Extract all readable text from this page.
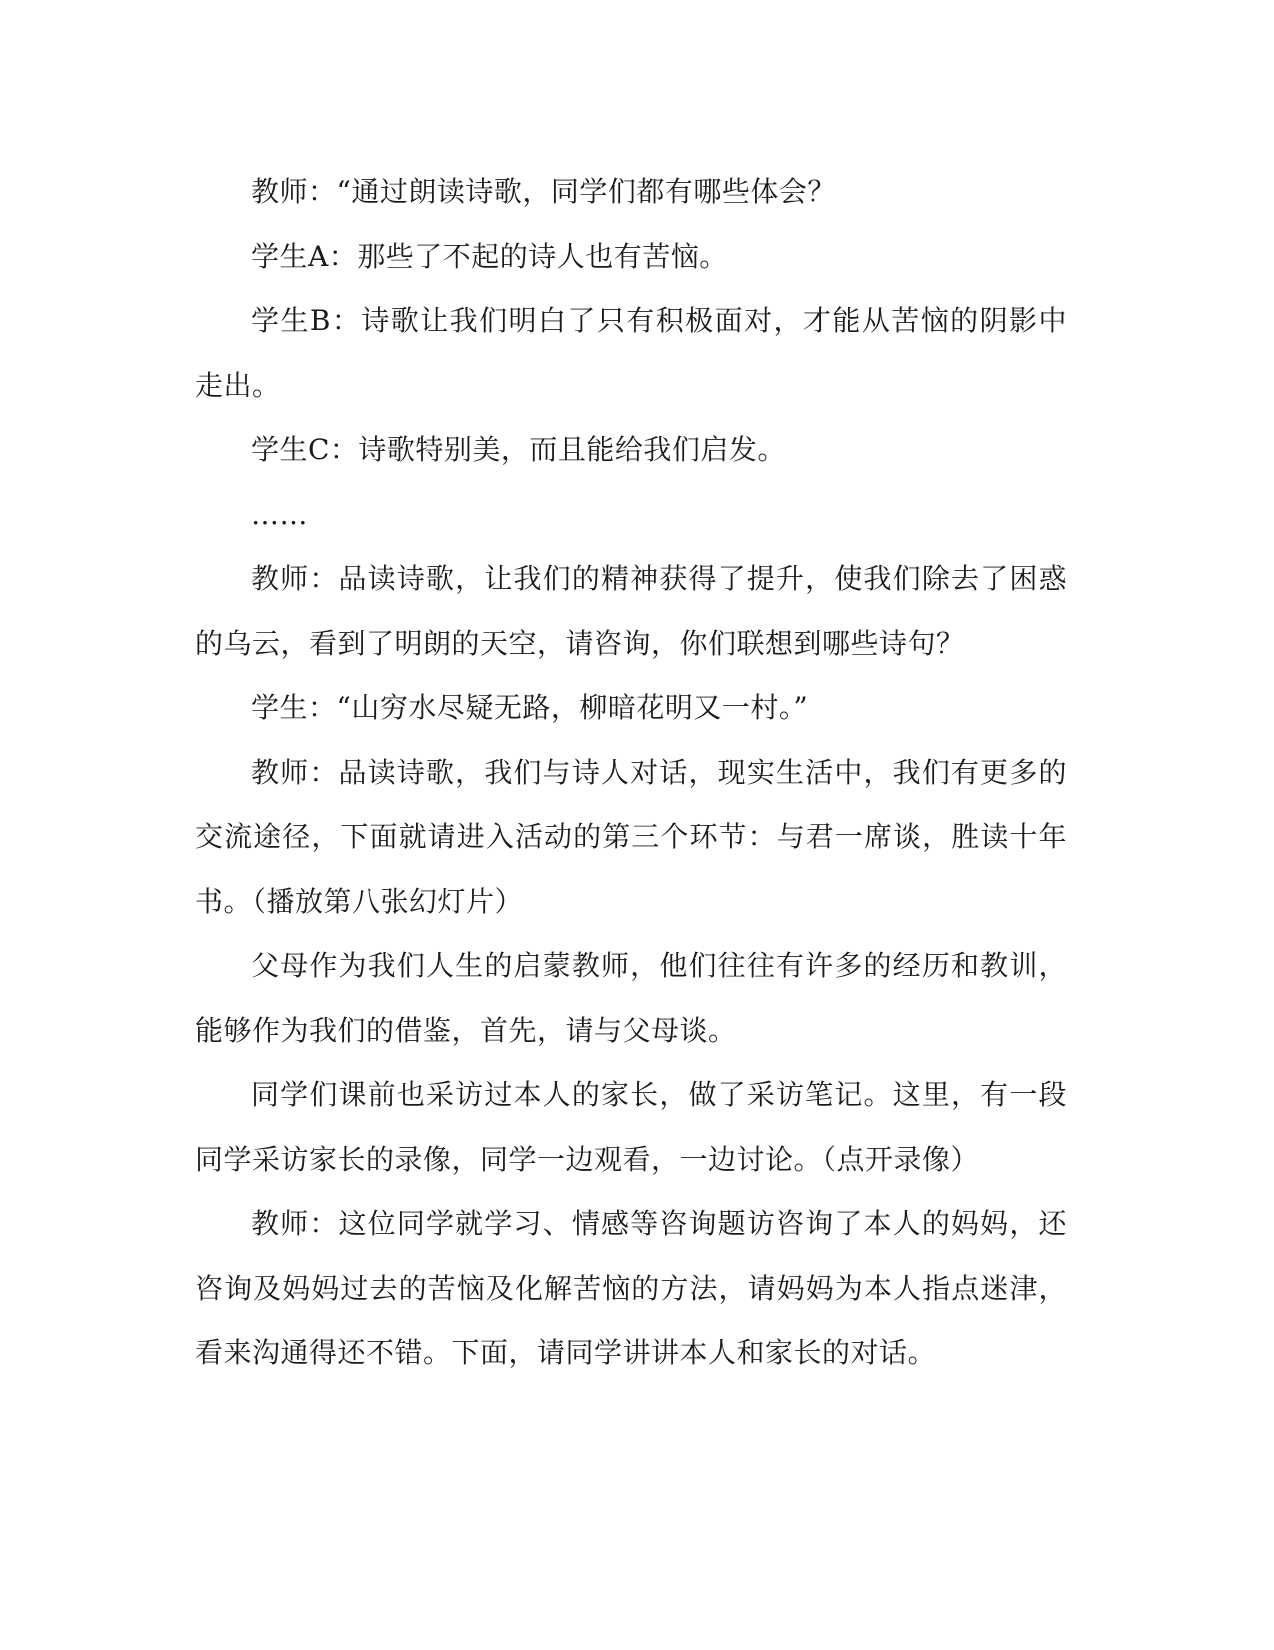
教师：“通过朗读诗歌，同学们都有哪些体会？

学生A：那些了不起的诗人也有苦恼。

学生B：诗歌让我们明白了只有积极面对，才能从苦恼的阴影中走出。

学生C：诗歌特别美，而且能给我们启发。

……

教师：品读诗歌，让我们的精神获得了提升，使我们除去了困惑的乌云，看到了明朗的天空，请咨询，你们联想到哪些诗句？

学生：“山穷水尽疑无路，柳暗花明又一村。”

教师：品读诗歌，我们与诗人对话，现实生活中，我们有更多的交流途径，下面就请进入活动的第三个环节：与君一席谈，胜读十年书。（播放第八张幻灯片）

父母作为我们人生的启蒙教师，他们往往有许多的经历和教训，能够作为我们的借鉴，首先，请与父母谈。

同学们课前也采访过本人的家长，做了采访笔记。这里，有一段同学采访家长的录像，同学一边观看，一边讨论。（点开录像）

教师：这位同学就学习、情感等咨询题访咨询了本人的妈妈，还咨询及妈妈过去的苦恼及化解苦恼的方法，请妈妈为本人指点迷津，看来沟通得还不错。下面，请同学讲讲本人和家长的对话。
